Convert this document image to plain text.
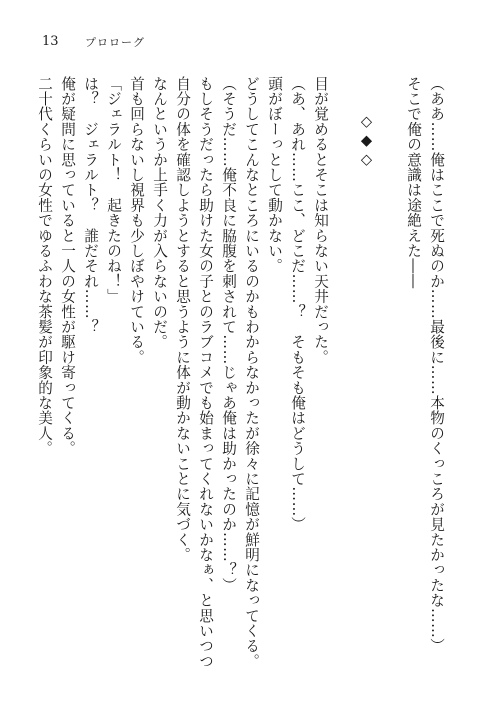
13 プロローグ
（ああ……俺はここで死ぬのか……最後に……本物のくっころが見たかったな……）
そこで俺の意識は途絶えた――
◇◆◇
目が覚めるとそこは知らない天井だった。
（あ、あれ……ここ、どこだ……？　そもそも俺はどうして……）
頭がぼーっとして動かない。
どうしてこんなところにいるのかもわからなかったが徐々に記憶が鮮明になってくる。
（そうだ……俺不良に脇腹を刺されて……じゃあ俺は助かったのか……？）
もしそうだったら助けた女の子とのラブコメでも始まってくれないかなぁ、と思いつつ
自分の体を確認しようとすると思うように体が動かないことに気づく。
なんというか上手く力が入らないのだ。
首も回らないし視界も少しぼやけている。
「ジェラルト！　起きたのね！」
は？　ジェラルト？　誰だそれ……？
俺が疑問に思っていると一人の女性が駆け寄ってくる。
二十代くらいの女性でゆるふわな茶髪が印象的な美人。
